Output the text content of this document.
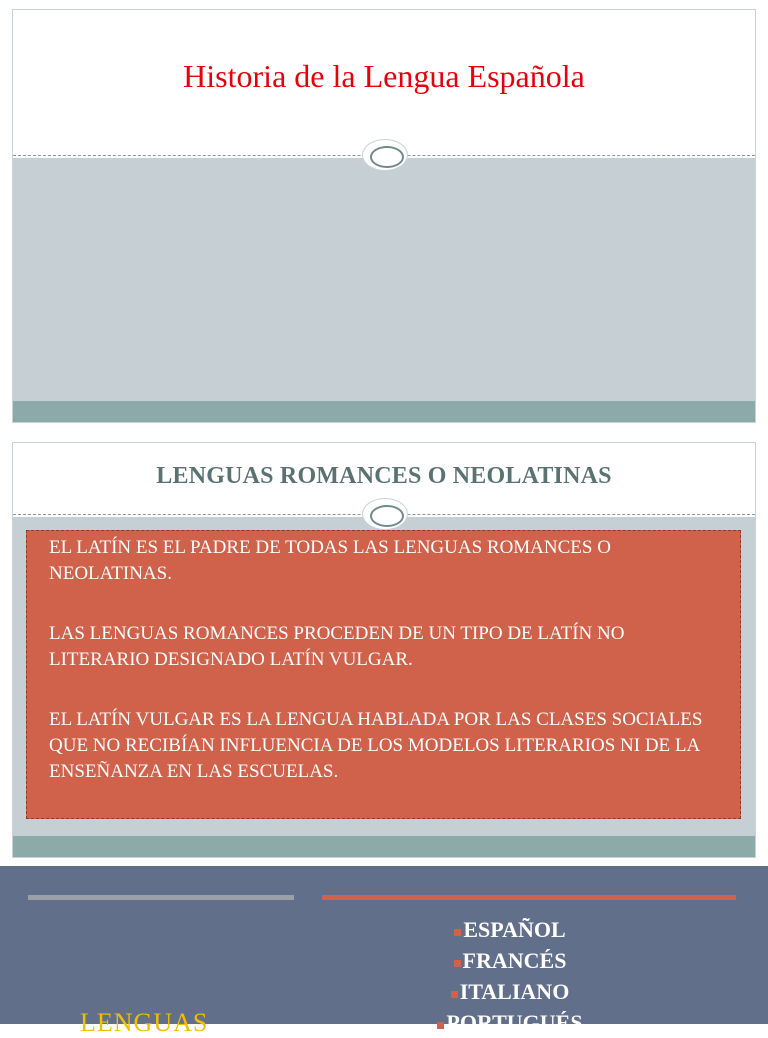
Historia de la Lengua Española
LENGUAS ROMANCES O NEOLATINAS

EL LATÍN ES EL PADRE DE TODAS LAS LENGUAS ROMANCES O NEOLATINAS.

LAS LENGUAS ROMANCES PROCEDEN DE UN TIPO DE LATÍN NO LITERARIO DESIGNADO LATÍN VULGAR.

EL LATÍN VULGAR ES LA LENGUA HABLADA POR LAS CLASES SOCIALES QUE NO RECIBÍAN INFLUENCIA DE LOS MODELOS LITERARIOS NI DE LA ENSEÑANZA EN LAS ESCUELAS.

ESPAÑOL
FRANCÉS
ITALIANO
PORTUGUÉS
LENGUAS
